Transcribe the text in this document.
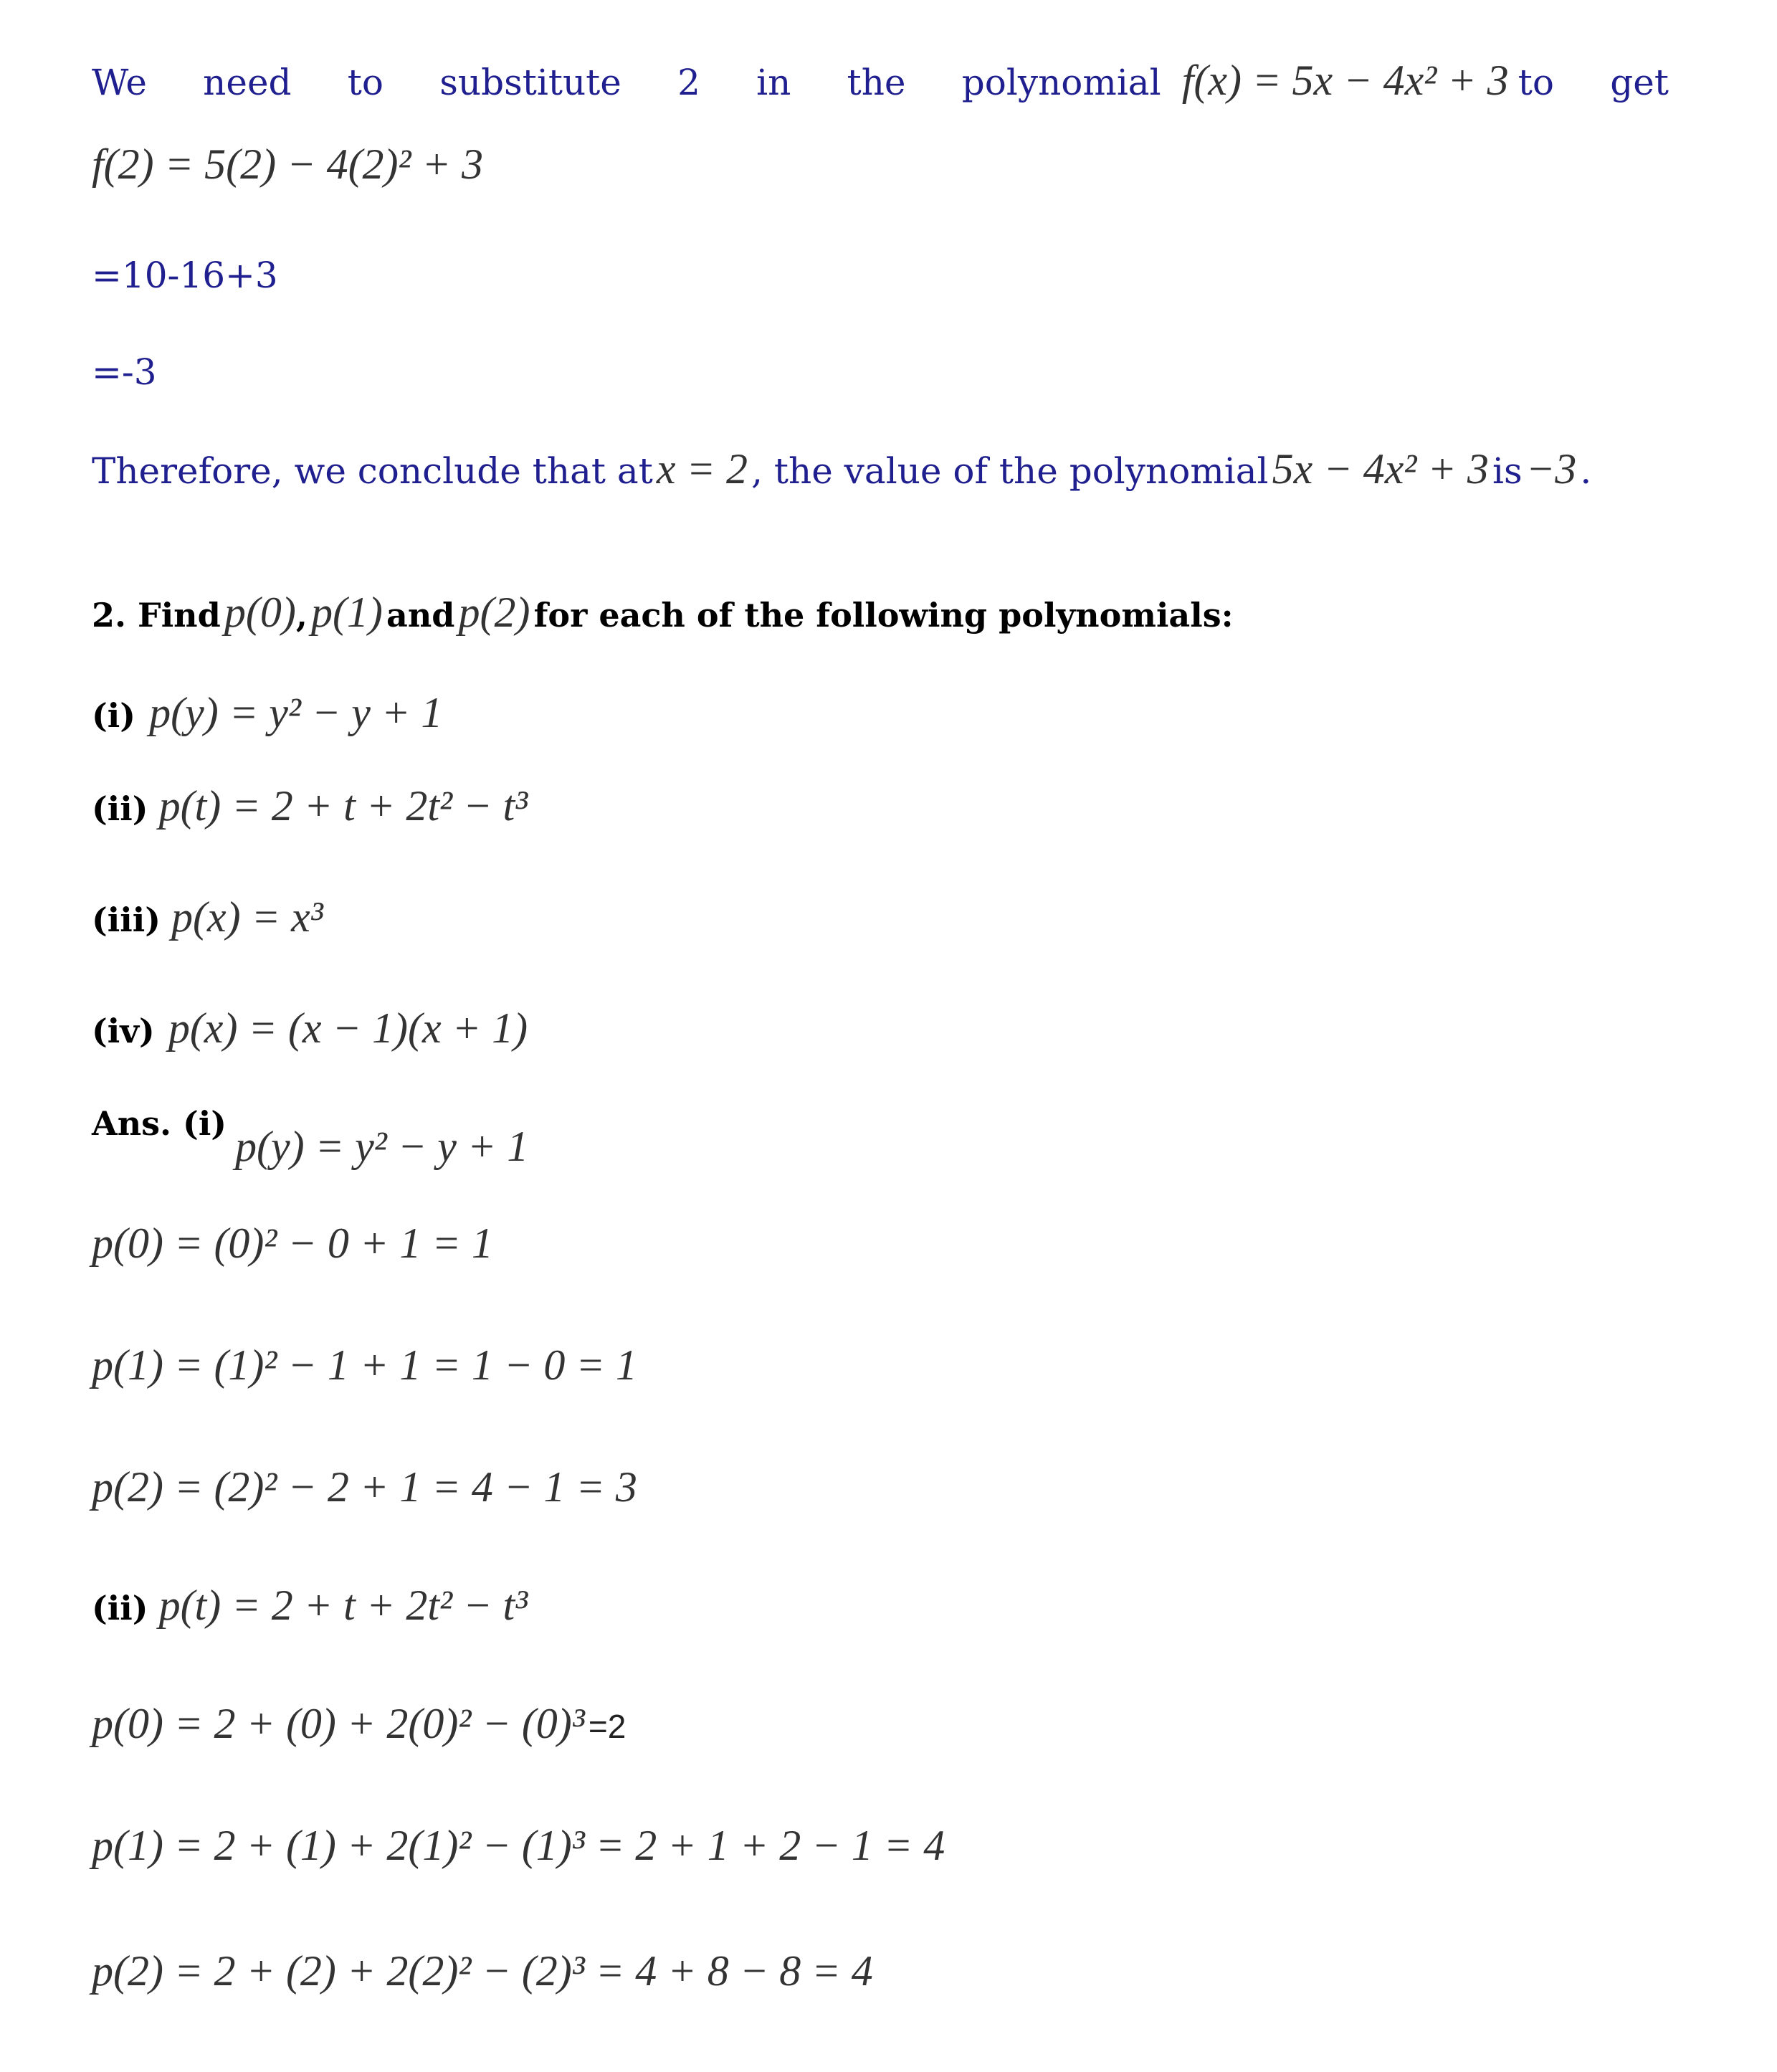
We need to substitute 2 in the polynomial f(x) = 5x − 4x² + 3 to get
f(2) = 5(2) − 4(2)² + 3
=10-16+3
=-3
Therefore, we conclude that at x = 2 , the value of the polynomial 5x − 4x² + 3 is −3 .
2. Find p(0), p(1) and p(2) for each of the following polynomials:
(i) p(y) = y² − y + 1
(ii) p(t) = 2 + t + 2t² − t³
(iii) p(x) = x³
(iv) p(x) = (x − 1)(x + 1)
Ans. (i) p(y) = y² − y + 1
p(0) = (0)² − 0 + 1 = 1
p(1) = (1)² − 1 + 1 = 1 − 0 = 1
p(2) = (2)² − 2 + 1 = 4 − 1 = 3
(ii) p(t) = 2 + t + 2t² − t³
p(0) = 2 + (0) + 2(0)² − (0)³ =2
p(1) = 2 + (1) + 2(1)² − (1)³ = 2 + 1 + 2 − 1 = 4
p(2) = 2 + (2) + 2(2)² − (2)³ = 4 + 8 − 8 = 4
